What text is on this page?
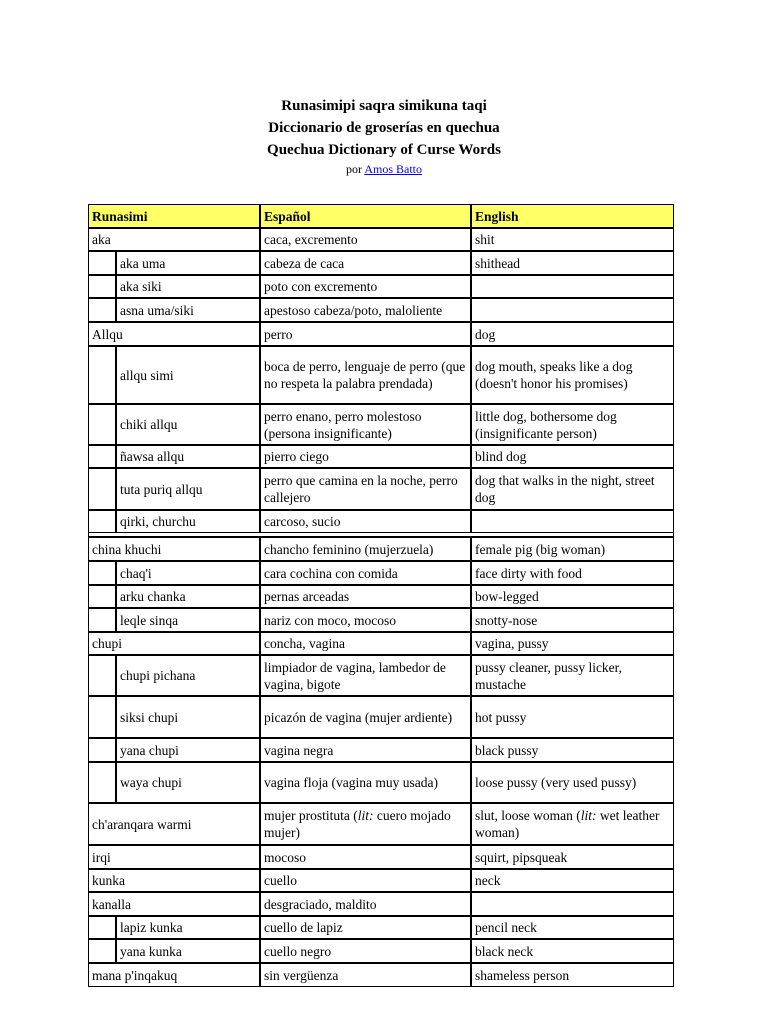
Runasimipi saqra simikuna taqi
Diccionario de groserías en quechua
Quechua Dictionary of Curse Words
por Amos Batto
Runasimi		Español	English
aka		caca, excremento	shit
	aka uma	cabeza de caca	shithead
	aka siki	poto con excremento	
	asna uma/siki	apestoso cabeza/poto, maloliente	
Allqu		perro	dog
	allqu simi	boca de perro, lenguaje de perro (que no respeta la palabra prendada)	dog mouth, speaks like a dog (doesn't honor his promises)
	chiki allqu	perro enano, perro molestoso (persona insignificante)	little dog, bothersome dog (insignificante person)
	ñawsa allqu	pierro ciego	blind dog
	tuta puriq allqu	perro que camina en la noche, perro callejero	dog that walks in the night, street dog
	qirki, churchu	carcoso, sucio	

china khuchi		chancho feminino (mujerzuela)	female pig (big woman)
	chaq'i	cara cochina con comida	face dirty with food
	arku chanka	pernas arceadas	bow-legged
	leqle sinqa	nariz con moco, mocoso	snotty-nose
chupi		concha, vagina	vagina, pussy
	chupi pichana	limpiador de vagina, lambedor de vagina, bigote	pussy cleaner, pussy licker, mustache
	siksi chupi	picazón de vagina (mujer ardiente)	hot pussy
	yana chupi	vagina negra	black pussy
	waya chupi	vagina floja (vagina muy usada)	loose pussy (very used pussy)
ch'aranqara warmi		mujer prostituta (lit: cuero mojado mujer)	slut, loose woman (lit: wet leather woman)
irqi		mocoso	squirt, pipsqueak
kunka		cuello	neck
kanalla		desgraciado, maldito	
	lapiz kunka	cuello de lapiz	pencil neck
	yana kunka	cuello negro	black neck
mana p'inqakuq		sin vergüenza	shameless person
